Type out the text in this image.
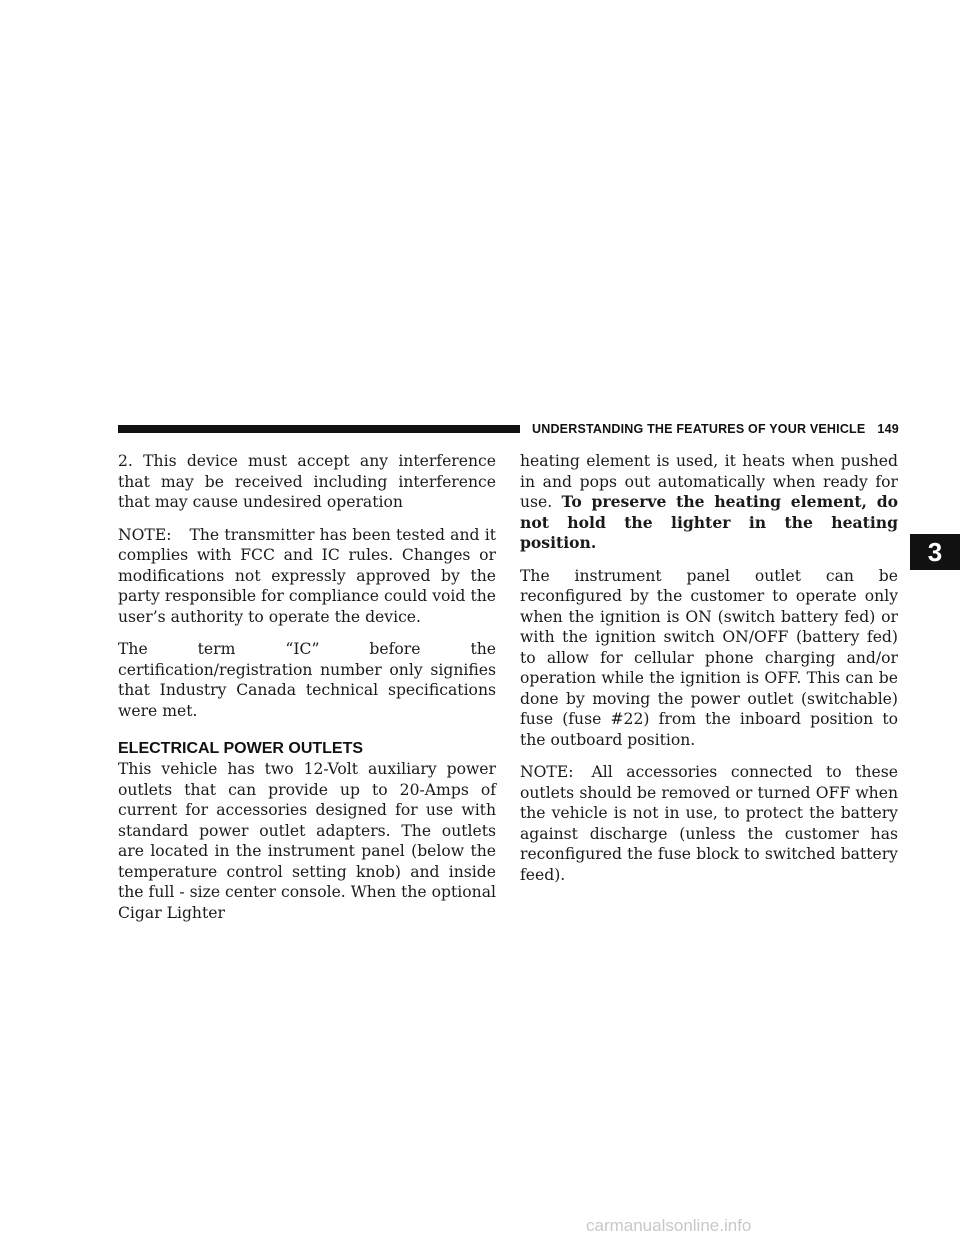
UNDERSTANDING THE FEATURES OF YOUR VEHICLE 149

2. This device must accept any interference that may be received including interference that may cause undesired operation

NOTE: The transmitter has been tested and it complies with FCC and IC rules. Changes or modifications not expressly approved by the party responsible for compliance could void the user’s authority to operate the device.

The term “IC” before the certification/registration number only signifies that Industry Canada technical specifications were met.

ELECTRICAL POWER OUTLETS

This vehicle has two 12-Volt auxiliary power outlets that can provide up to 20-Amps of current for accessories designed for use with standard power outlet adapters. The outlets are located in the instrument panel (below the temperature control setting knob) and inside the full - size center console. When the optional Cigar Lighter

heating element is used, it heats when pushed in and pops out automatically when ready for use. To preserve the heating element, do not hold the lighter in the heating position.

The instrument panel outlet can be reconfigured by the customer to operate only when the ignition is ON (switch battery fed) or with the ignition switch ON/OFF (battery fed) to allow for cellular phone charging and/or operation while the ignition is OFF. This can be done by moving the power outlet (switchable) fuse (fuse #22) from the inboard position to the outboard position.

NOTE: All accessories connected to these outlets should be removed or turned OFF when the vehicle is not in use, to protect the battery against discharge (unless the customer has reconfigured the fuse block to switched battery feed).

3
carmanualsonline.info
